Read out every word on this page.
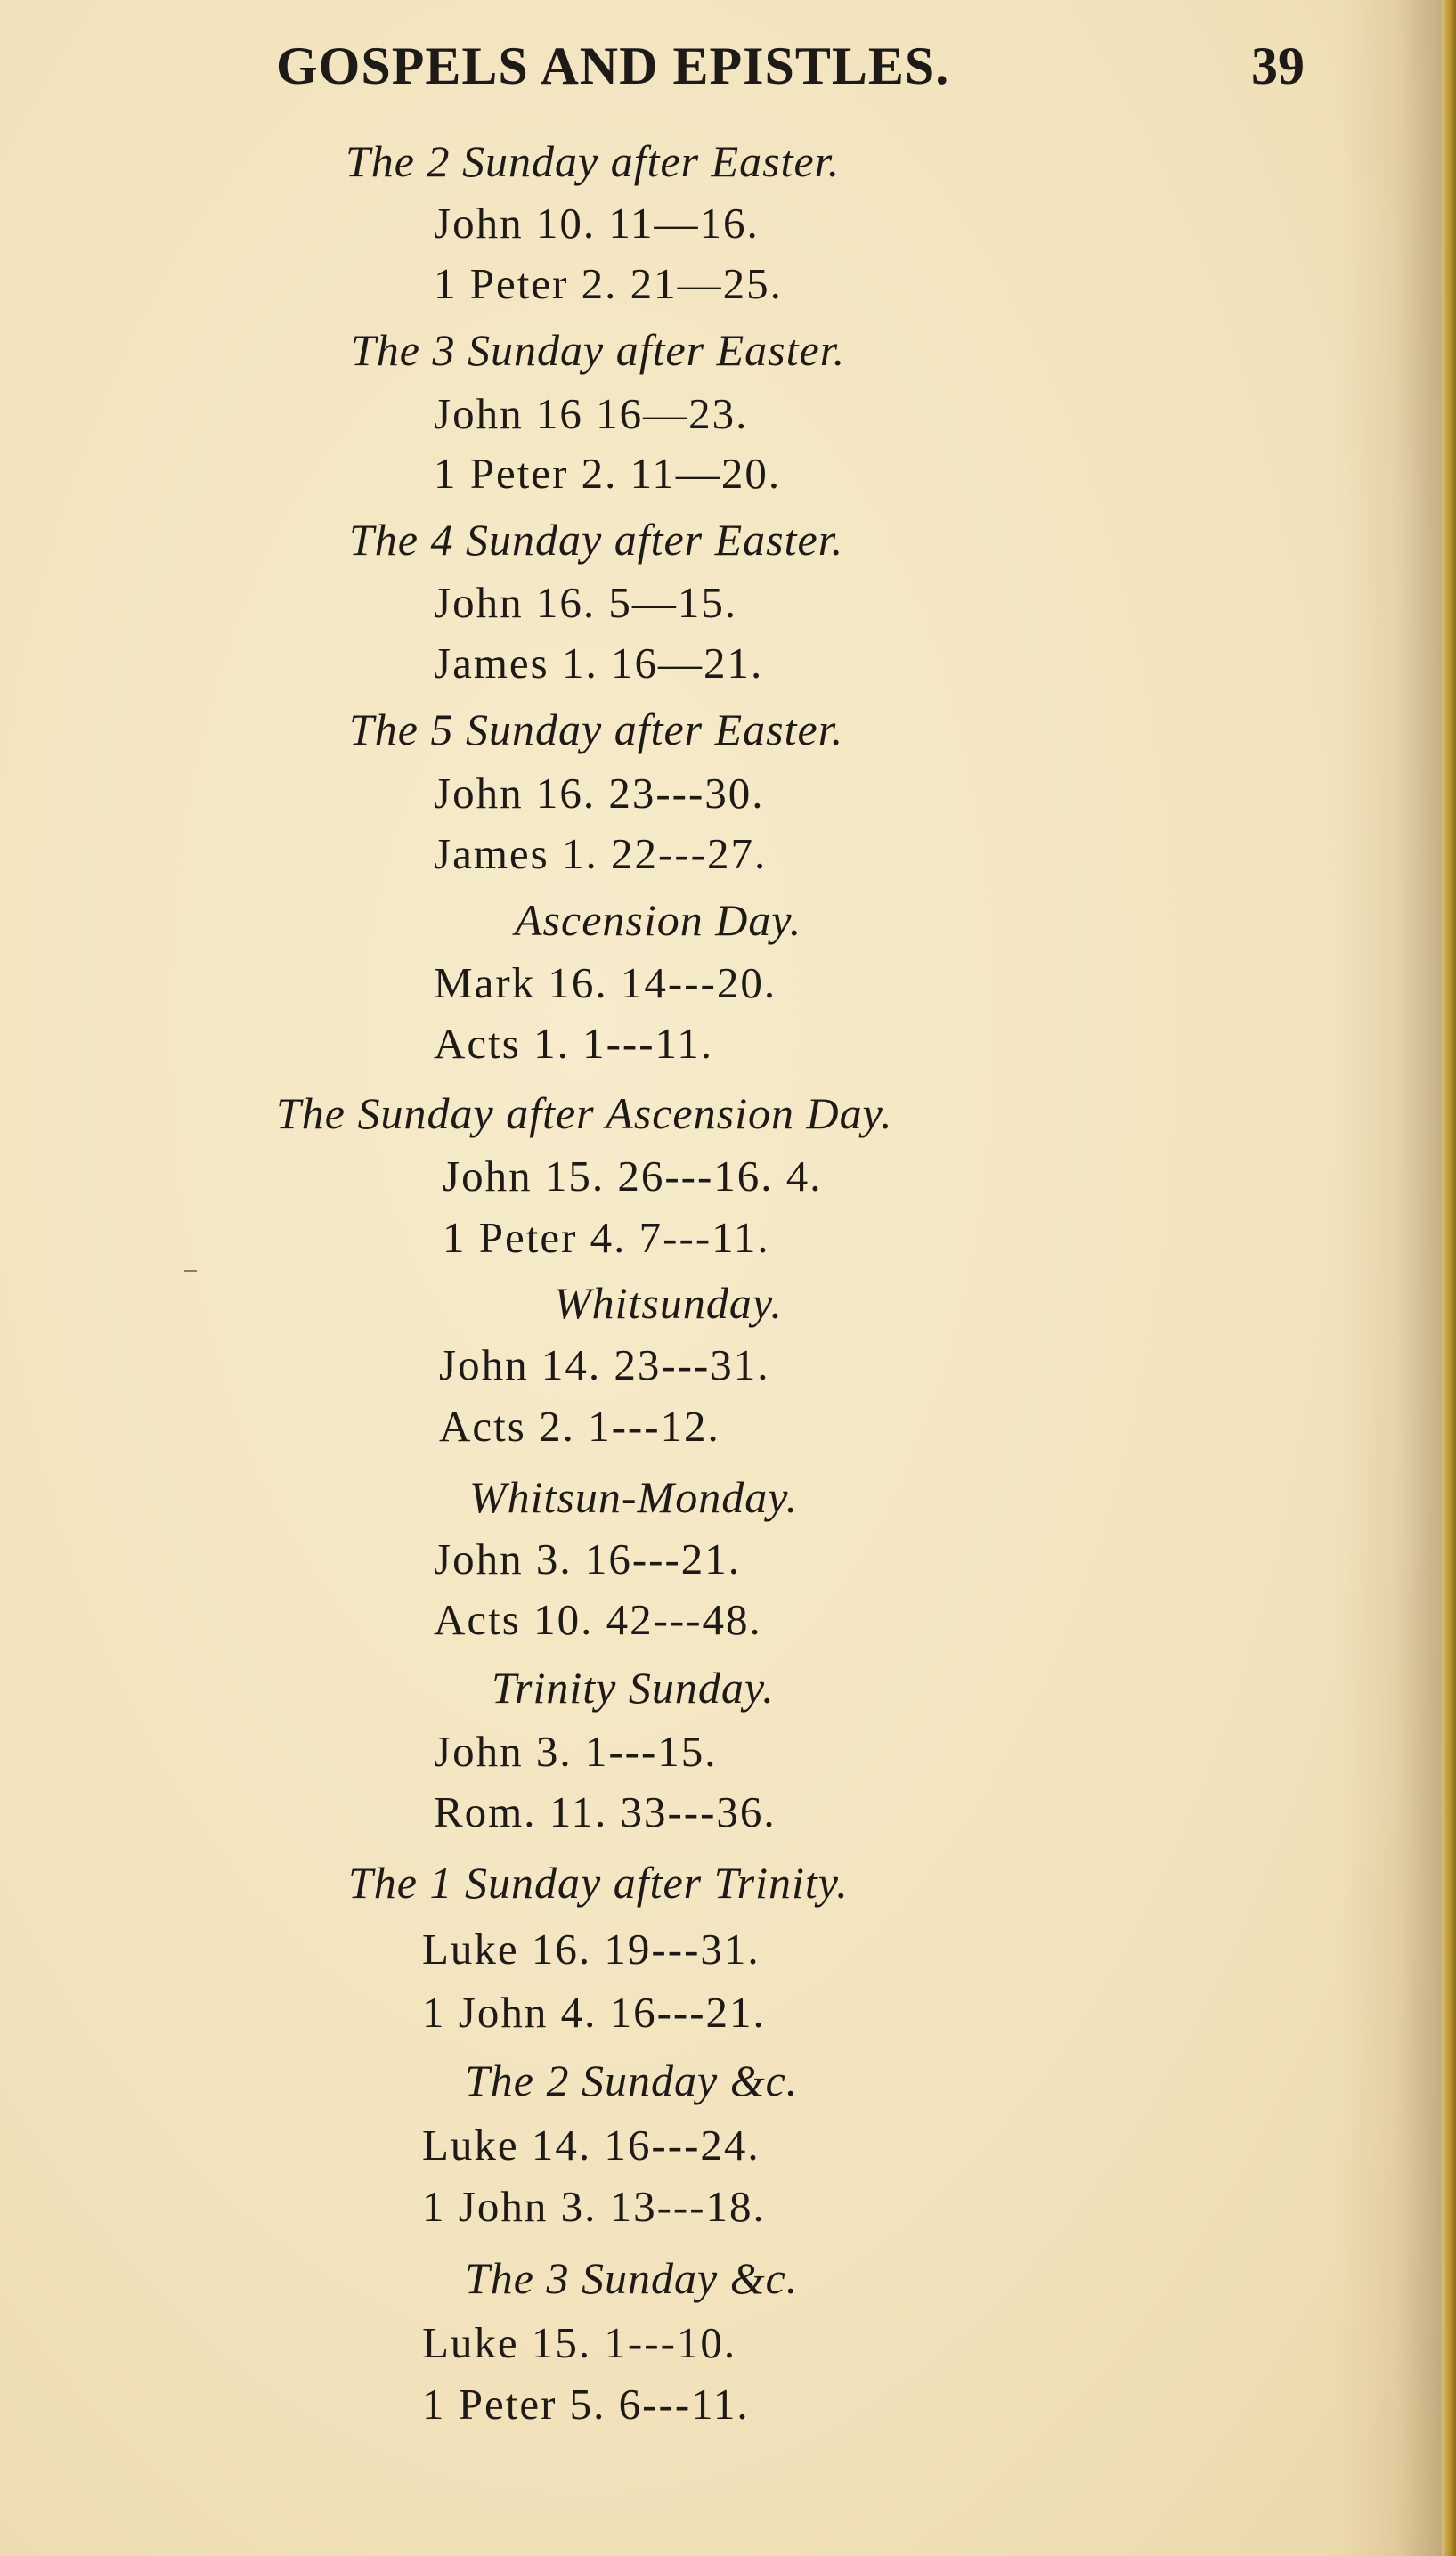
GOSPELS AND EPISTLES.	39
The 2 Sunday after Easter.
John 10. 11—16.
1 Peter 2. 21—25.
The 3 Sunday after Easter.
John 16 16—23.
1 Peter 2. 11—20.
The 4 Sunday after Easter.
John 16. 5—15.
James 1. 16—21.
The 5 Sunday after Easter.
John 16. 23---30.
James 1. 22---27.
Ascension Day.
Mark 16. 14---20.
Acts 1. 1---11.
The Sunday after Ascension Day.
John 15. 26---16. 4.
1 Peter 4. 7---11.
Whitsunday.
John 14. 23---31.
Acts 2. 1---12.
Whitsun-Monday.
John 3. 16---21.
Acts 10. 42---48.
Trinity Sunday.
John 3. 1---15.
Rom. 11. 33---36.
The 1 Sunday after Trinity.
Luke 16. 19---31.
1 John 4. 16---21.
The 2 Sunday &c.
Luke 14. 16---24.
1 John 3. 13---18.
The 3 Sunday &c.
Luke 15. 1---10.
1 Peter 5. 6---11.
